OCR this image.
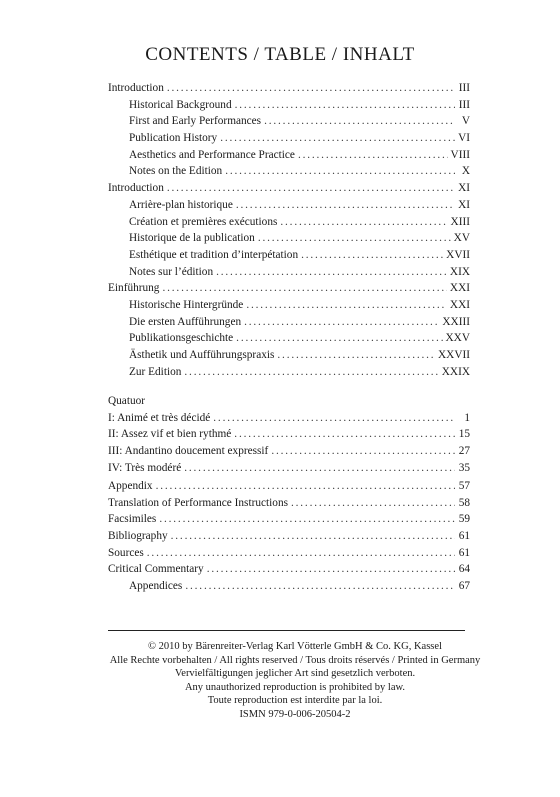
CONTENTS / TABLE / INHALT
Introduction . . .	III
Historical Background . . .	III
First and Early Performances . . .	V
Publication History . . .	VI
Aesthetics and Performance Practice . . .	VIII
Notes on the Edition . . .	X
Introduction . . .	XI
Arrière-plan historique . . .	XI
Création et premières exécutions . . .	XIII
Historique de la publication . . .	XV
Esthétique et tradition d’interpétation . . .	XVII
Notes sur l’édition . . .	XIX
Einführung . . .	XXI
Historische Hintergründe . . .	XXI
Die ersten Aufführungen . . .	XXIII
Publikationsgeschichte . . .	XXV
Ästhetik und Aufführungspraxis . . .	XXVII
Zur Edition . . .	XXIX
Quatuor
I: Animé et très décidé . . .	1
II: Assez vif et bien rythmé . . .	15
III: Andantino doucement expressif . . .	27
IV: Très modéré . . .	35
Appendix . . .	57
Translation of Performance Instructions . . .	58
Facsimiles . . .	59
Bibliography . . .	61
Sources . . .	61
Critical Commentary . . .	64
Appendices . . .	67
© 2010 by Bärenreiter-Verlag Karl Vötterle GmbH & Co. KG, Kassel
Alle Rechte vorbehalten / All rights reserved / Tous droits réservés / Printed in Germany
Vervielfältigungen jeglicher Art sind gesetzlich verboten.
Any unauthorized reproduction is prohibited by law.
Toute reproduction est interdite par la loi.
ISMN 979-0-006-20504-2
